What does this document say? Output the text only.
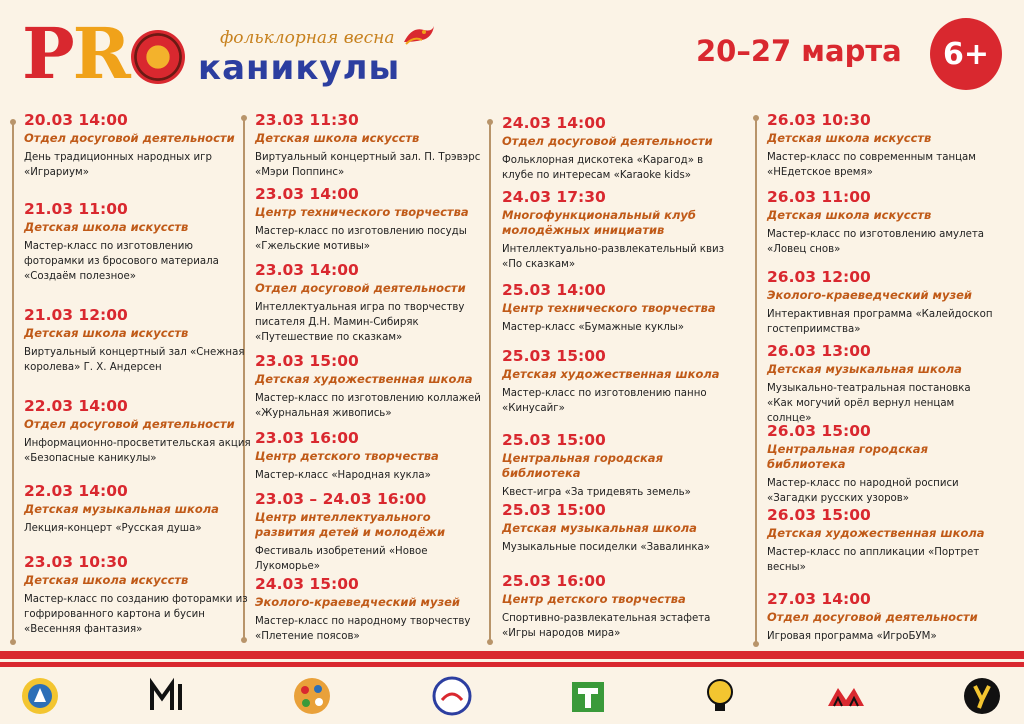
PR	фольклорная весна
каникулы	20–27 марта	6+
20.03 14:00
Отдел досуговой деятельности
День традиционных народных игр «Играриум»
21.03 11:00
Детская школа искусств
Мастер-класс по изготовлению фоторамки из бросового материала «Создаём полезное»
21.03 12:00
Детская школа искусств
Виртуальный концертный зал «Снежная королева» Г. Х. Андерсен
22.03 14:00
Отдел досуговой деятельности
Информационно-просветительская акция «Безопасные каникулы»
22.03 14:00
Детская музыкальная школа
Лекция-концерт «Русская душа»
23.03 10:30
Детская школа искусств
Мастер-класс по созданию фоторамки из гофрированного картона и бусин «Весенняя фантазия»
23.03 11:30
Детская школа искусств
Виртуальный концертный зал. П. Трэвэрс «Мэри Поппинс»
23.03 14:00
Центр технического творчества
Мастер-класс по изготовлению посуды «Гжельские мотивы»
23.03 14:00
Отдел досуговой деятельности
Интеллектуальная игра по творчеству писателя Д.Н. Мамин-Сибиряк «Путешествие по сказкам»
23.03 15:00
Детская художественная школа
Мастер-класс по изготовлению коллажей «Журнальная живопись»
23.03 16:00
Центр детского творчества
Мастер-класс «Народная кукла»
23.03 – 24.03 16:00
Центр интеллектуального развития детей и молодёжи
Фестиваль изобретений «Новое Лукоморье»
24.03 15:00
Эколого-краеведческий музей
Мастер-класс по народному творчеству «Плетение поясов»
24.03 14:00
Отдел досуговой деятельности
Фольклорная дискотека «Карагод» в клубе по интересам «Karaoke kids»
24.03 17:30
Многофункциональный клуб молодёжных инициатив
Интеллектуально-развлекательный квиз «По сказкам»
25.03 14:00
Центр технического творчества
Мастер-класс «Бумажные куклы»
25.03 15:00
Детская художественная школа
Мастер-класс по изготовлению панно «Кинусайг»
25.03 15:00
Центральная городская библиотека
Квест-игра «За тридевять земель»
25.03 15:00
Детская музыкальная школа
Музыкальные посиделки «Завалинка»
25.03 16:00
Центр детского творчества
Спортивно-развлекательная эстафета «Игры народов мира»
26.03 10:30
Детская школа искусств
Мастер-класс по современным танцам «НЕдетское время»
26.03 11:00
Детская школа искусств
Мастер-класс по изготовлению амулета «Ловец снов»
26.03 12:00
Эколого-краеведческий музей
Интерактивная программа «Калейдоскоп гостеприимства»
26.03 13:00
Детская музыкальная школа
Музыкально-театральная постановка «Как могучий орёл вернул ненцам солнце»
26.03 15:00
Центральная городская библиотека
Мастер-класс по народной росписи «Загадки русских узоров»
26.03 15:00
Детская художественная школа
Мастер-класс по аппликации «Портрет весны»
27.03 14:00
Отдел досуговой деятельности
Игровая программа «ИгроБУМ»
